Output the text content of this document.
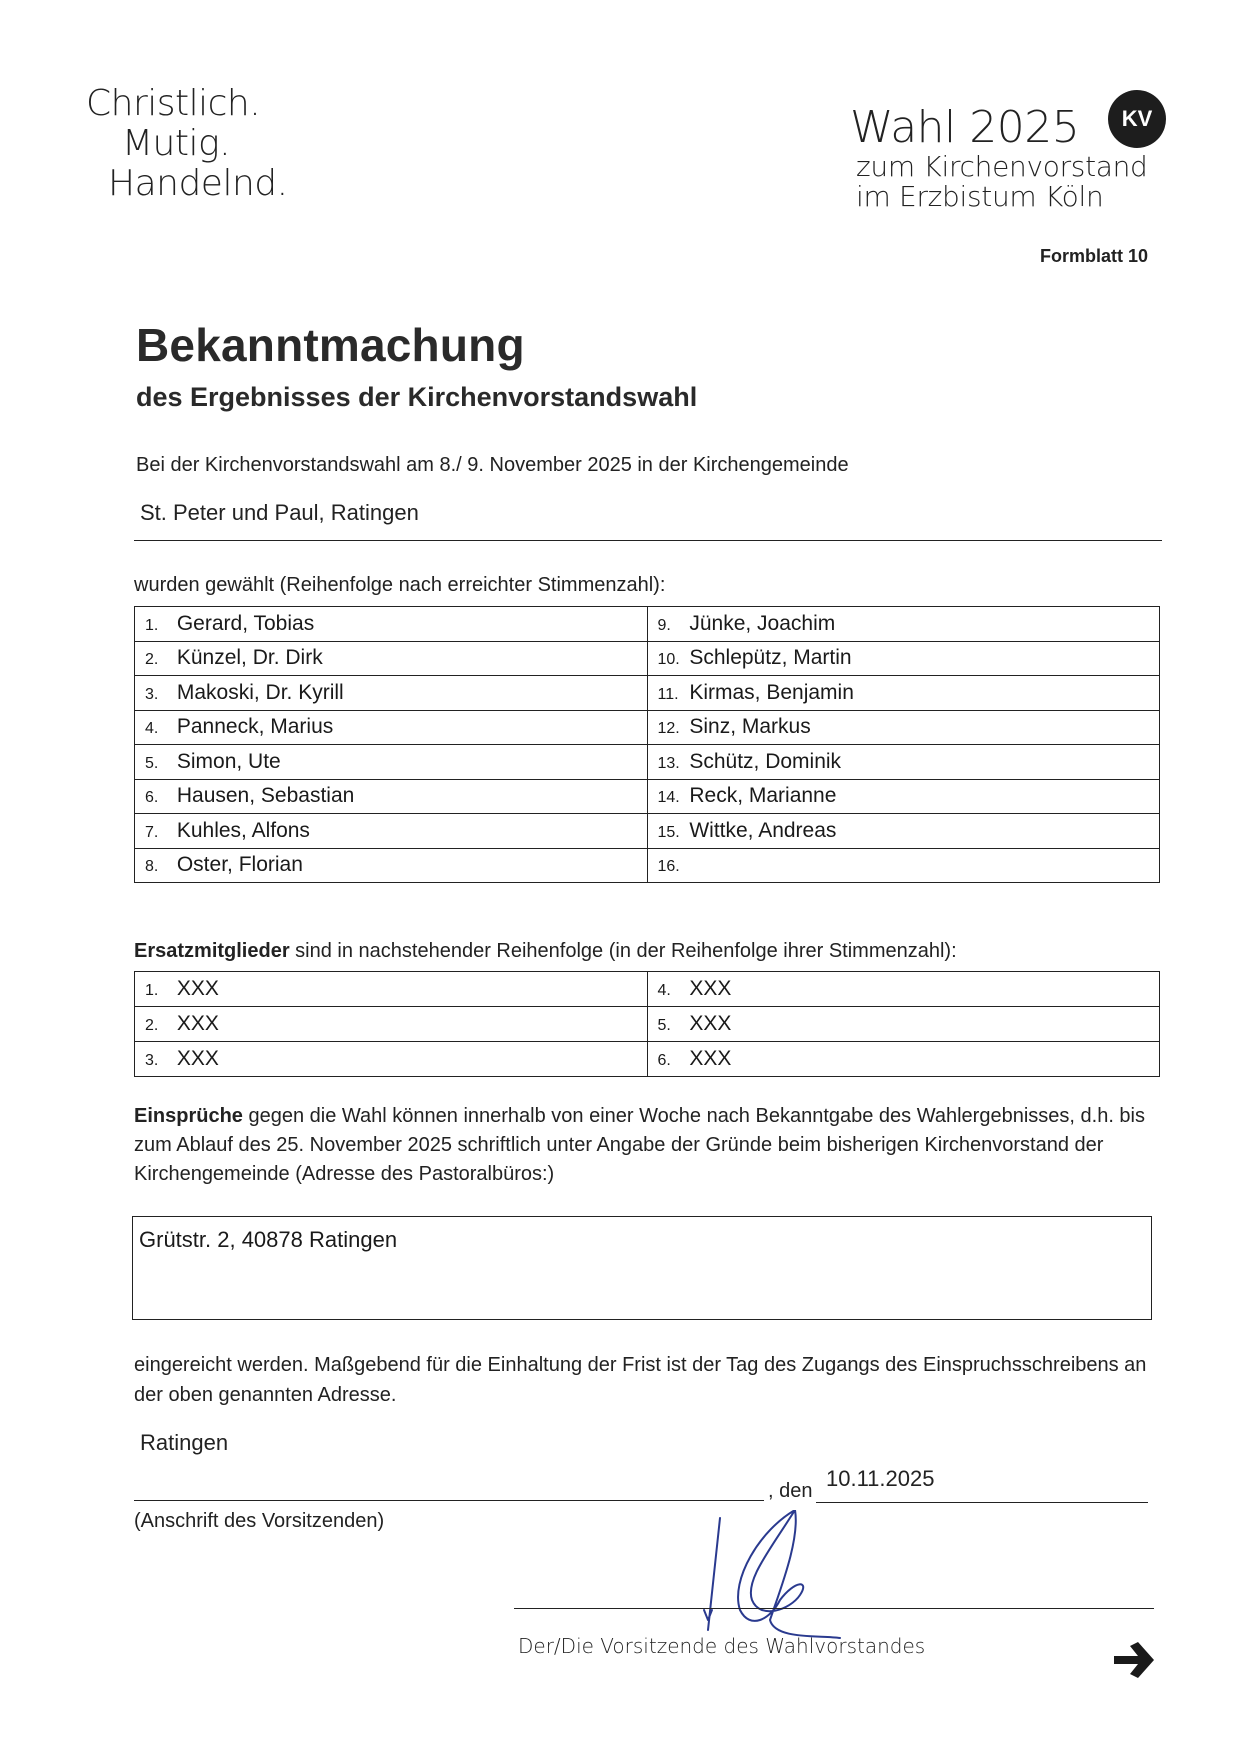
Christlich.
Mutig.
Handelnd.
Wahl 2025
zum Kirchenvorstand
im Erzbistum Köln
KV
Formblatt 10
Bekanntmachung
des Ergebnisses der Kirchenvorstandswahl
Bei der Kirchenvorstandswahl am 8./ 9. November 2025 in der Kirchengemeinde
St. Peter und Paul, Ratingen
wurden gewählt (Reihenfolge nach erreichter Stimmenzahl):
1. Gerard, Tobias	9. Jünke, Joachim
2. Künzel, Dr. Dirk	10. Schlepütz, Martin
3. Makoski, Dr. Kyrill	11. Kirmas, Benjamin
4. Panneck, Marius	12. Sinz, Markus
5. Simon, Ute	13. Schütz, Dominik
6. Hausen, Sebastian	14. Reck, Marianne
7. Kuhles, Alfons	15. Wittke, Andreas
8. Oster, Florian	16.
Ersatzmitglieder sind in nachstehender Reihenfolge (in der Reihenfolge ihrer Stimmenzahl):
1. XXX	4. XXX
2. XXX	5. XXX
3. XXX	6. XXX
Einsprüche gegen die Wahl können innerhalb von einer Woche nach Bekanntgabe des Wahlergebnisses, d.h. bis zum Ablauf des 25. November 2025 schriftlich unter Angabe der Gründe beim bisherigen Kirchenvorstand der Kirchengemeinde (Adresse des Pastoralbüros:)
Grütstr. 2, 40878 Ratingen
eingereicht werden. Maßgebend für die Einhaltung der Frist ist der Tag des Zugangs des Einspruchsschreibens an der oben genannten Adresse.
Ratingen
, den 10.11.2025
(Anschrift des Vorsitzenden)
Der/Die Vorsitzende des Wahlvorstandes
